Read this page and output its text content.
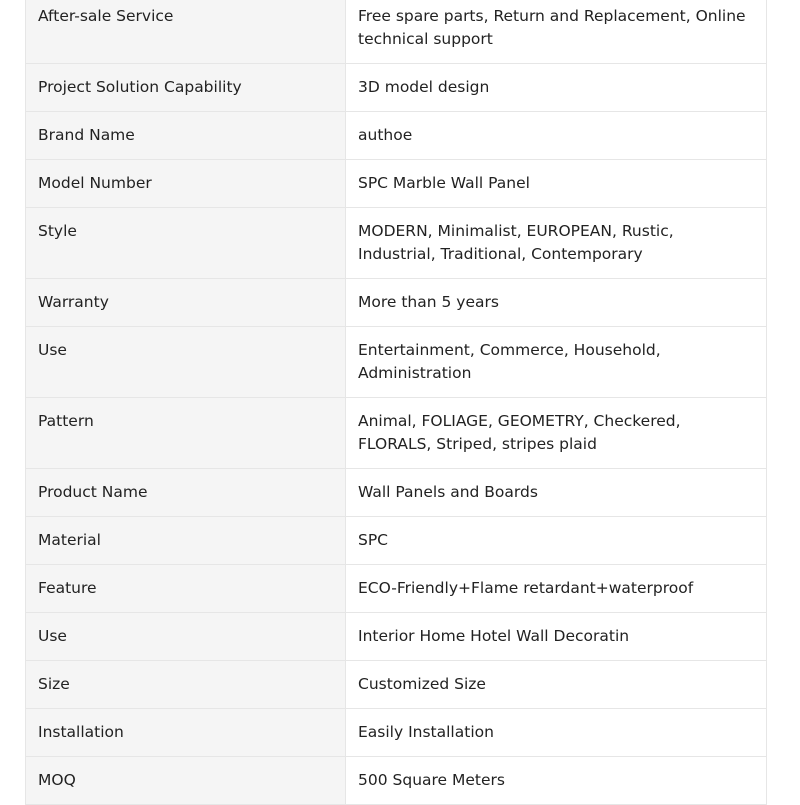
After-sale Service	Free spare parts, Return and Replacement, Online technical support
Project Solution Capability	3D model design
Brand Name	authoe
Model Number	SPC Marble Wall Panel
Style	MODERN, Minimalist, EUROPEAN, Rustic, Industrial, Traditional, Contemporary
Warranty	More than 5 years
Use	Entertainment, Commerce, Household, Administration
Pattern	Animal, FOLIAGE, GEOMETRY, Checkered, FLORALS, Striped, stripes plaid
Product Name	Wall Panels and Boards
Material	SPC
Feature	ECO-Friendly+Flame retardant+waterproof
Use	Interior Home Hotel Wall Decoratin
Size	Customized Size
Installation	Easily Installation
MOQ	500 Square Meters
